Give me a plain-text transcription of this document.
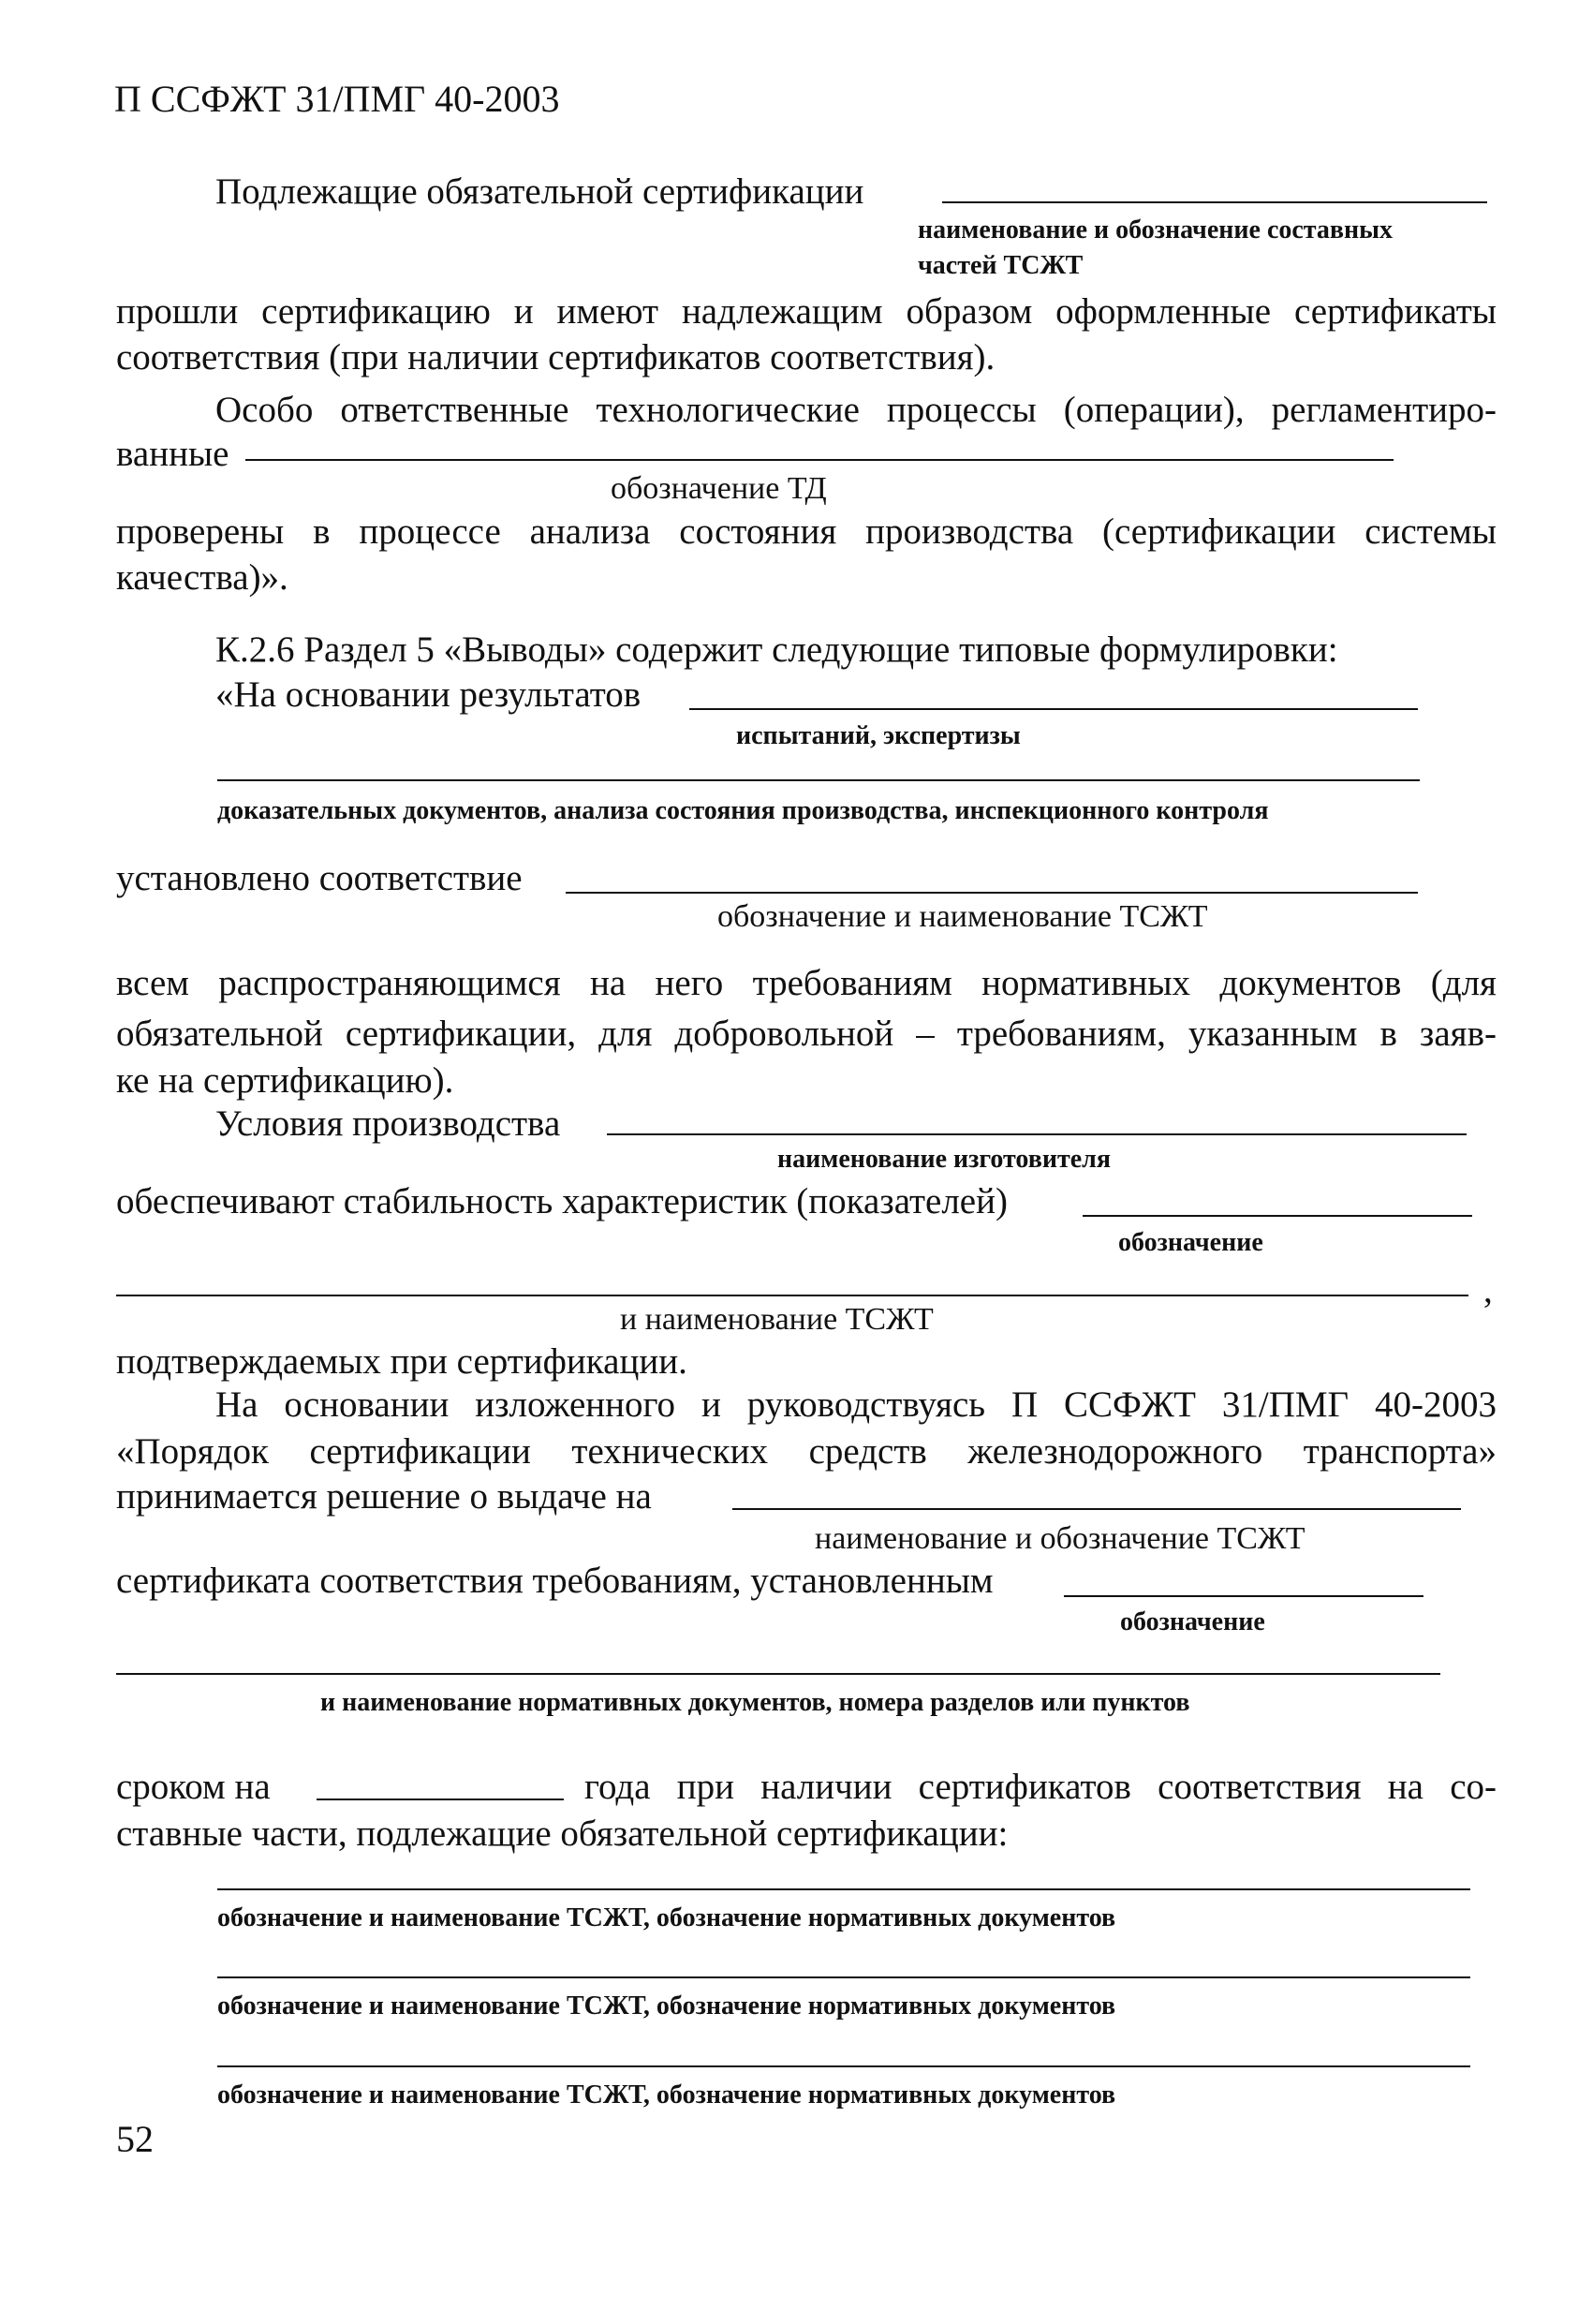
П ССФЖТ 31/ПМГ 40-2003
Подлежащие обязательной сертификации
наименование и обозначение составных
частей ТСЖТ
прошли сертификацию и имеют надлежащим образом оформленные сертификаты
соответствия (при наличии сертификатов соответствия).
Особо ответственные технологические процессы (операции), регламентиро-
ванные
обозначение ТД
проверены в процессе анализа состояния производства (сертификации системы
качества)».
К.2.6 Раздел 5 «Выводы» содержит следующие типовые формулировки:
«На основании результатов
испытаний, экспертизы
доказательных документов, анализа состояния производства, инспекционного контроля
установлено соответствие
обозначение и наименование ТСЖТ
всем распространяющимся на него требованиям нормативных документов (для
обязательной сертификации, для добровольной – требованиям, указанным в заяв-
ке на сертификацию).
Условия производства
наименование изготовителя
обеспечивают стабильность характеристик (показателей)
обозначение
,
и наименование ТСЖТ
подтверждаемых при сертификации.
На основании изложенного и руководствуясь П ССФЖТ 31/ПМГ 40-2003
«Порядок сертификации технических средств железнодорожного транспорта»
принимается решение о выдаче на
наименование и обозначение ТСЖТ
сертификата соответствия требованиям, установленным
обозначение
и наименование нормативных документов, номера разделов или пунктов
сроком на	года при наличии сертификатов соответствия на со-
ставные части, подлежащие обязательной сертификации:
обозначение и наименование ТСЖТ, обозначение нормативных документов
обозначение и наименование ТСЖТ, обозначение нормативных документов
обозначение и наименование ТСЖТ, обозначение нормативных документов
52
